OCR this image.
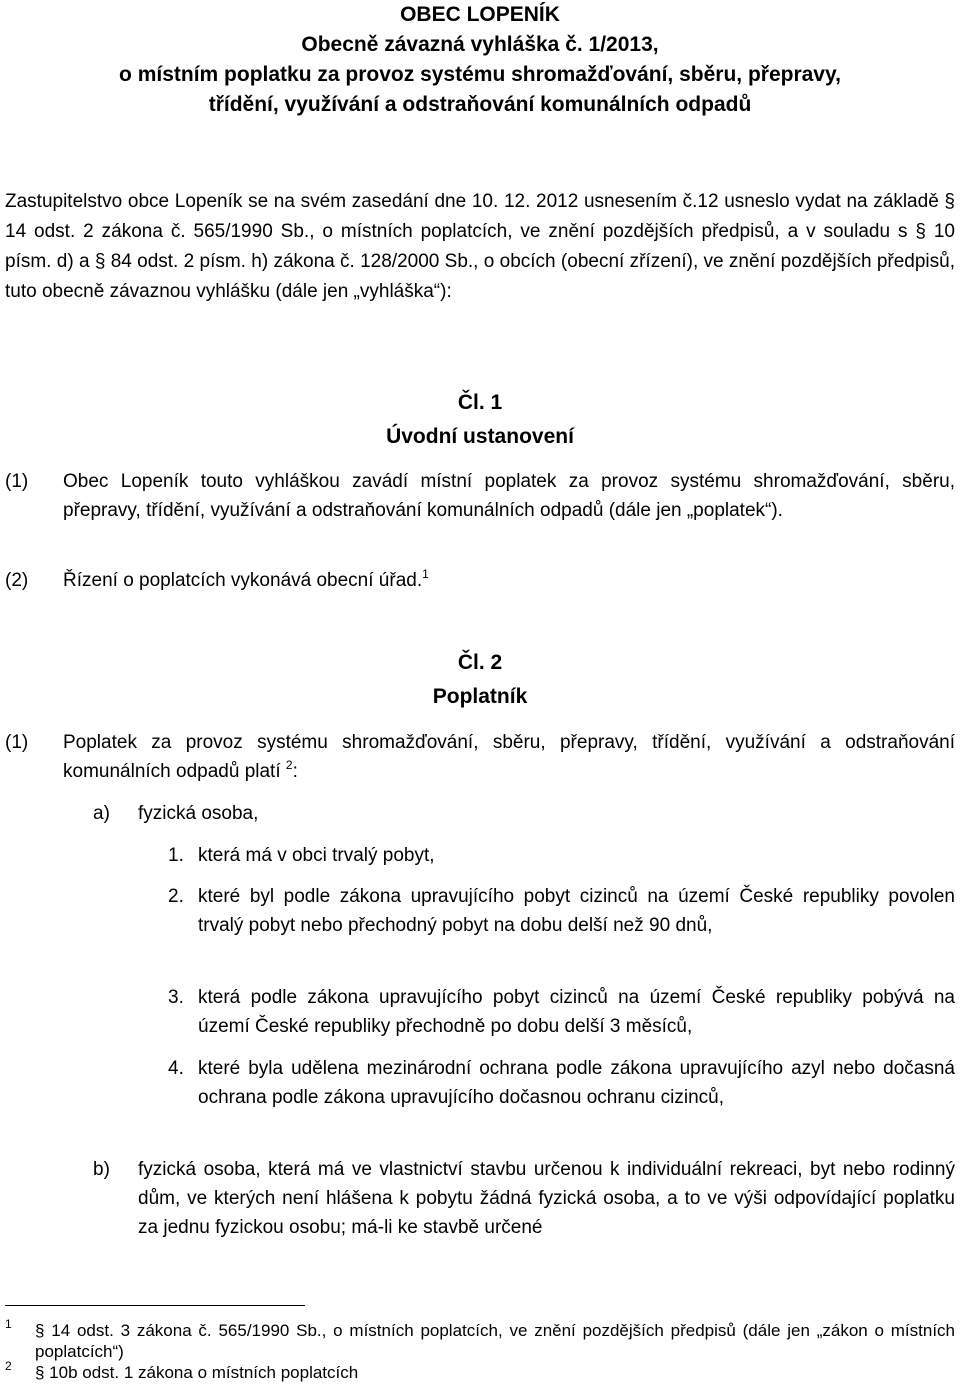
OBEC LOPENÍK
Obecně závazná vyhláška č. 1/2013,
o místním poplatku za provoz systému shromažďování, sběru, přepravy,
třídění, využívání a odstraňování komunálních odpadů
Zastupitelstvo obce Lopeník se na svém zasedání dne 10. 12. 2012 usnesením č.12 usneslo vydat na základě § 14 odst. 2 zákona č. 565/1990 Sb., o místních poplatcích, ve znění pozdějších předpisů, a v souladu s § 10 písm. d) a § 84 odst. 2 písm. h) zákona č. 128/2000 Sb., o obcích (obecní zřízení), ve znění pozdějších předpisů, tuto obecně závaznou vyhlášku (dále jen „vyhláška“):
Čl. 1
Úvodní ustanovení
(1) Obec Lopeník touto vyhláškou zavádí místní poplatek za provoz systému shromažďování, sběru, přepravy, třídění, využívání a odstraňování komunálních odpadů (dále jen „poplatek“).
(2) Řízení o poplatcích vykonává obecní úřad.$^1$
Čl. 2
Poplatník
(1) Poplatek za provoz systému shromažďování, sběru, přepravy, třídění, využívání a odstraňování komunálních odpadů platí $^2$:
a) fyzická osoba,
1. která má v obci trvalý pobyt,
2. které byl podle zákona upravujícího pobyt cizinců na území České republiky povolen trvalý pobyt nebo přechodný pobyt na dobu delší než 90 dnů,
3. která podle zákona upravujícího pobyt cizinců na území České republiky pobývá na území České republiky přechodně po dobu delší 3 měsíců,
4. které byla udělena mezinárodní ochrana podle zákona upravujícího azyl nebo dočasná ochrana podle zákona upravujícího dočasnou ochranu cizinců,
b) fyzická osoba, která má ve vlastnictví stavbu určenou k individuální rekreaci, byt nebo rodinný dům, ve kterých není hlášena k pobytu žádná fyzická osoba, a to ve výši odpovídající poplatku za jednu fyzickou osobu; má-li ke stavbě určené
1 § 14 odst. 3 zákona č. 565/1990 Sb., o místních poplatcích, ve znění pozdějších předpisů (dále jen „zákon o místních poplatcích“)
2 § 10b odst. 1 zákona o místních poplatcích
